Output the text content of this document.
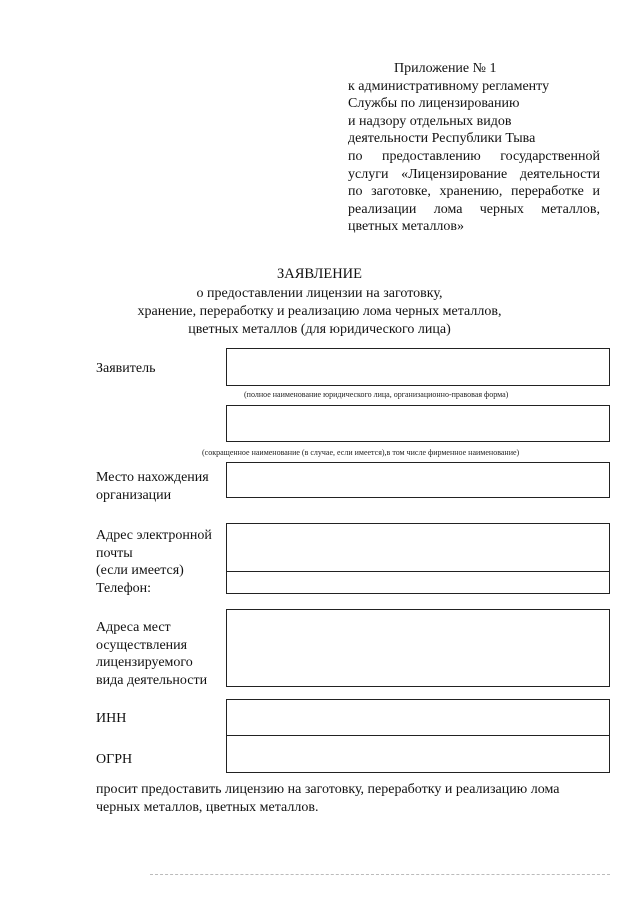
Приложение № 1
к административному регламенту
Службы по лицензированию
и надзору отдельных видов
деятельности Республики Тыва
по предоставлению государственной
услуги «Лицензирование деятельности
по заготовке, хранению, переработке и
реализации лома черных металлов,
цветных металлов»
ЗАЯВЛЕНИЕ
о предоставлении лицензии на заготовку,
хранение, переработку и реализацию лома черных металлов,
цветных металлов (для юридического лица)
Заявитель
(полное наименование юридического лица, организационно-правовая форма)
(сокращенное наименование (в случае, если имеется),в том числе фирменное наименование)
Место нахождения
организации
Адрес электронной
почты
(если имеется)
Телефон:
Адреса мест
осуществления
лицензируемого
вида деятельности
ИНН
ОГРН
просит предоставить лицензию на заготовку, переработку и реализацию лома
черных металлов, цветных металлов.
